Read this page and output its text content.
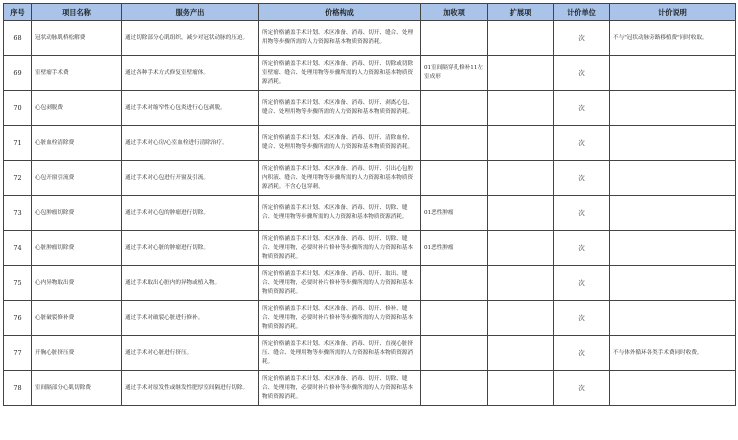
序号	项目名称	服务产出	价格构成	加收项	扩展项	计价单位	计价说明

68	冠状动脉肌桥松解费	通过切除部分心肌组织，减少对冠状动脉的压迫。	所定价格涵盖手术计划、术区准备、消毒、切开、缝合、处理用物等步骤所需的人力资源和基本物质资源消耗。			次	不与"冠状动脉旁路移植费"同时收取。

69	室壁瘤手术费	通过各种手术方式修复室壁瘤体。	所定价格涵盖手术计划、术区准备、消毒、切开、切除或切除室壁瘤、缝合、处理用物等步骤所需的人力资源和基本物质资源消耗。	01室间隔穿孔修补11左室成形		次	

70	心包剥脱费	通过手术对缩窄性心包炎进行心包剥脱。	所定价格涵盖手术计划、术区准备、消毒、切开、剥离心包、缝合、处理用物等步骤所需的人力资源和基本物质资源消耗。			次	

71	心脏血栓清除费	通过手术对心房/心室血栓进行清除治疗。	所定价格涵盖手术计划、术区准备、消毒、切开、清除血栓、缝合、处理用物等步骤所需的人力资源和基本物质资源消耗。			次	

72	心包开窗引流费	通过手术对心包进行开窗及引流。	所定价格涵盖手术计划、术区准备、消毒、切开、引出心包腔内积液、缝合、处理用物等步骤所需的人力资源和基本物质资源消耗。不含心包穿刺。			次	

73	心包肿瘤切除费	通过手术对心包的肿瘤进行切除。	所定价格涵盖手术计划、术区准备、消毒、切开、切除、缝合、处理用物等步骤所需的人力资源和基本物质资源消耗。	01恶性肿瘤		次	

74	心脏肿瘤切除费	通过手术对心脏的肿瘤进行切除。	所定价格涵盖手术计划、术区准备、消毒、切开、切除、缝合、处理用物，必要时补片修补等步骤所需的人力资源和基本物质资源消耗。	01恶性肿瘤		次	

75	心内异物取出费	通过手术取出心脏内的异物或植入物。	所定价格涵盖手术计划、术区准备、消毒、切开、取出、缝合、处理用物，必要时补片修补等步骤所需的人力资源和基本物质资源消耗。			次	

76	心脏破裂修补费	通过手术对破裂心脏进行修补。	所定价格涵盖手术计划、术区准备、消毒、切开、修补、缝合、处理用物，必要时补片修补等步骤所需的人力资源和基本物质资源消耗。			次	

77	开胸心脏挤压费	通过手术对心脏进行挤压。	所定价格涵盖手术计划、术区准备、消毒、切开、直视心脏挤压、缝合、处理用物等步骤所需的人力资源和基本物质资源消耗。			次	不与体外循环各类手术费同时收费。

78	室间隔部分心肌切除费	通过手术对原发性或继发性肥厚室间隔进行切除。	所定价格涵盖手术计划、术区准备、消毒、切开、切除、缝合、处理用物，必要时补片修补等步骤所需的人力资源和基本物质资源消耗。			次	
